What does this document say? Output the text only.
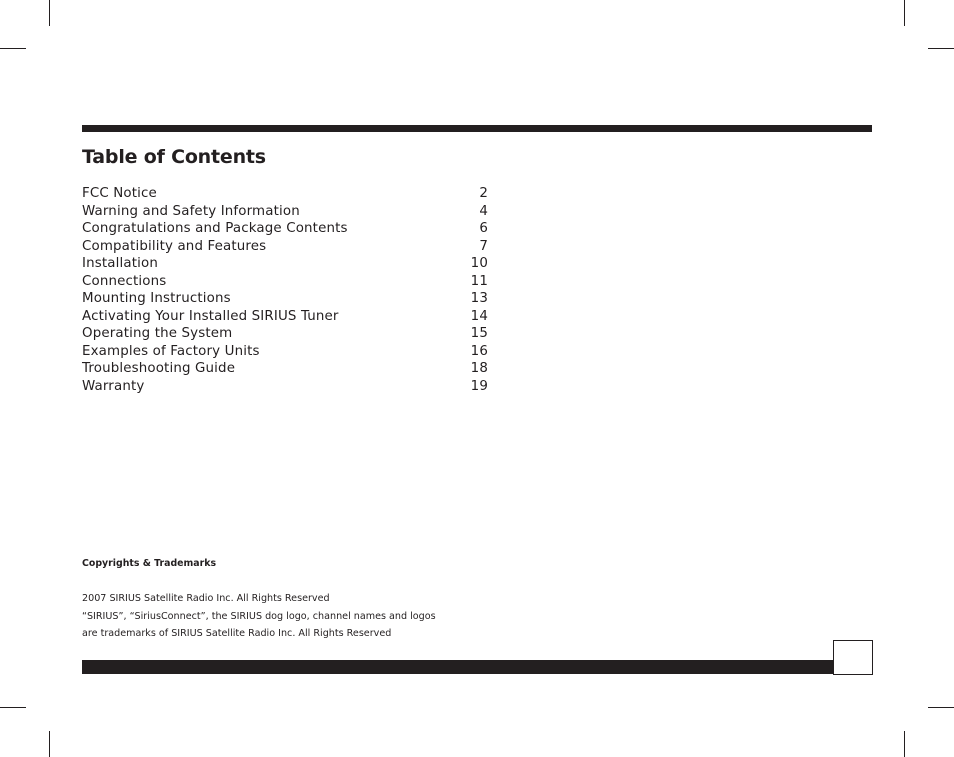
Table of Contents
FCC Notice	2
Warning and Safety Information	4
Congratulations and Package Contents	6
Compatibility and Features	7
Installation	10
Connections	11
Mounting Instructions	13
Activating Your Installed SIRIUS Tuner	14
Operating the System	15
Examples of Factory Units	16
Troubleshooting Guide	18
Warranty	19
Copyrights & Trademarks
2007 SIRIUS Satellite Radio Inc. All Rights Reserved
“SIRIUS”, “SiriusConnect”, the SIRIUS dog logo, channel names and logos
are trademarks of SIRIUS Satellite Radio Inc. All Rights Reserved
